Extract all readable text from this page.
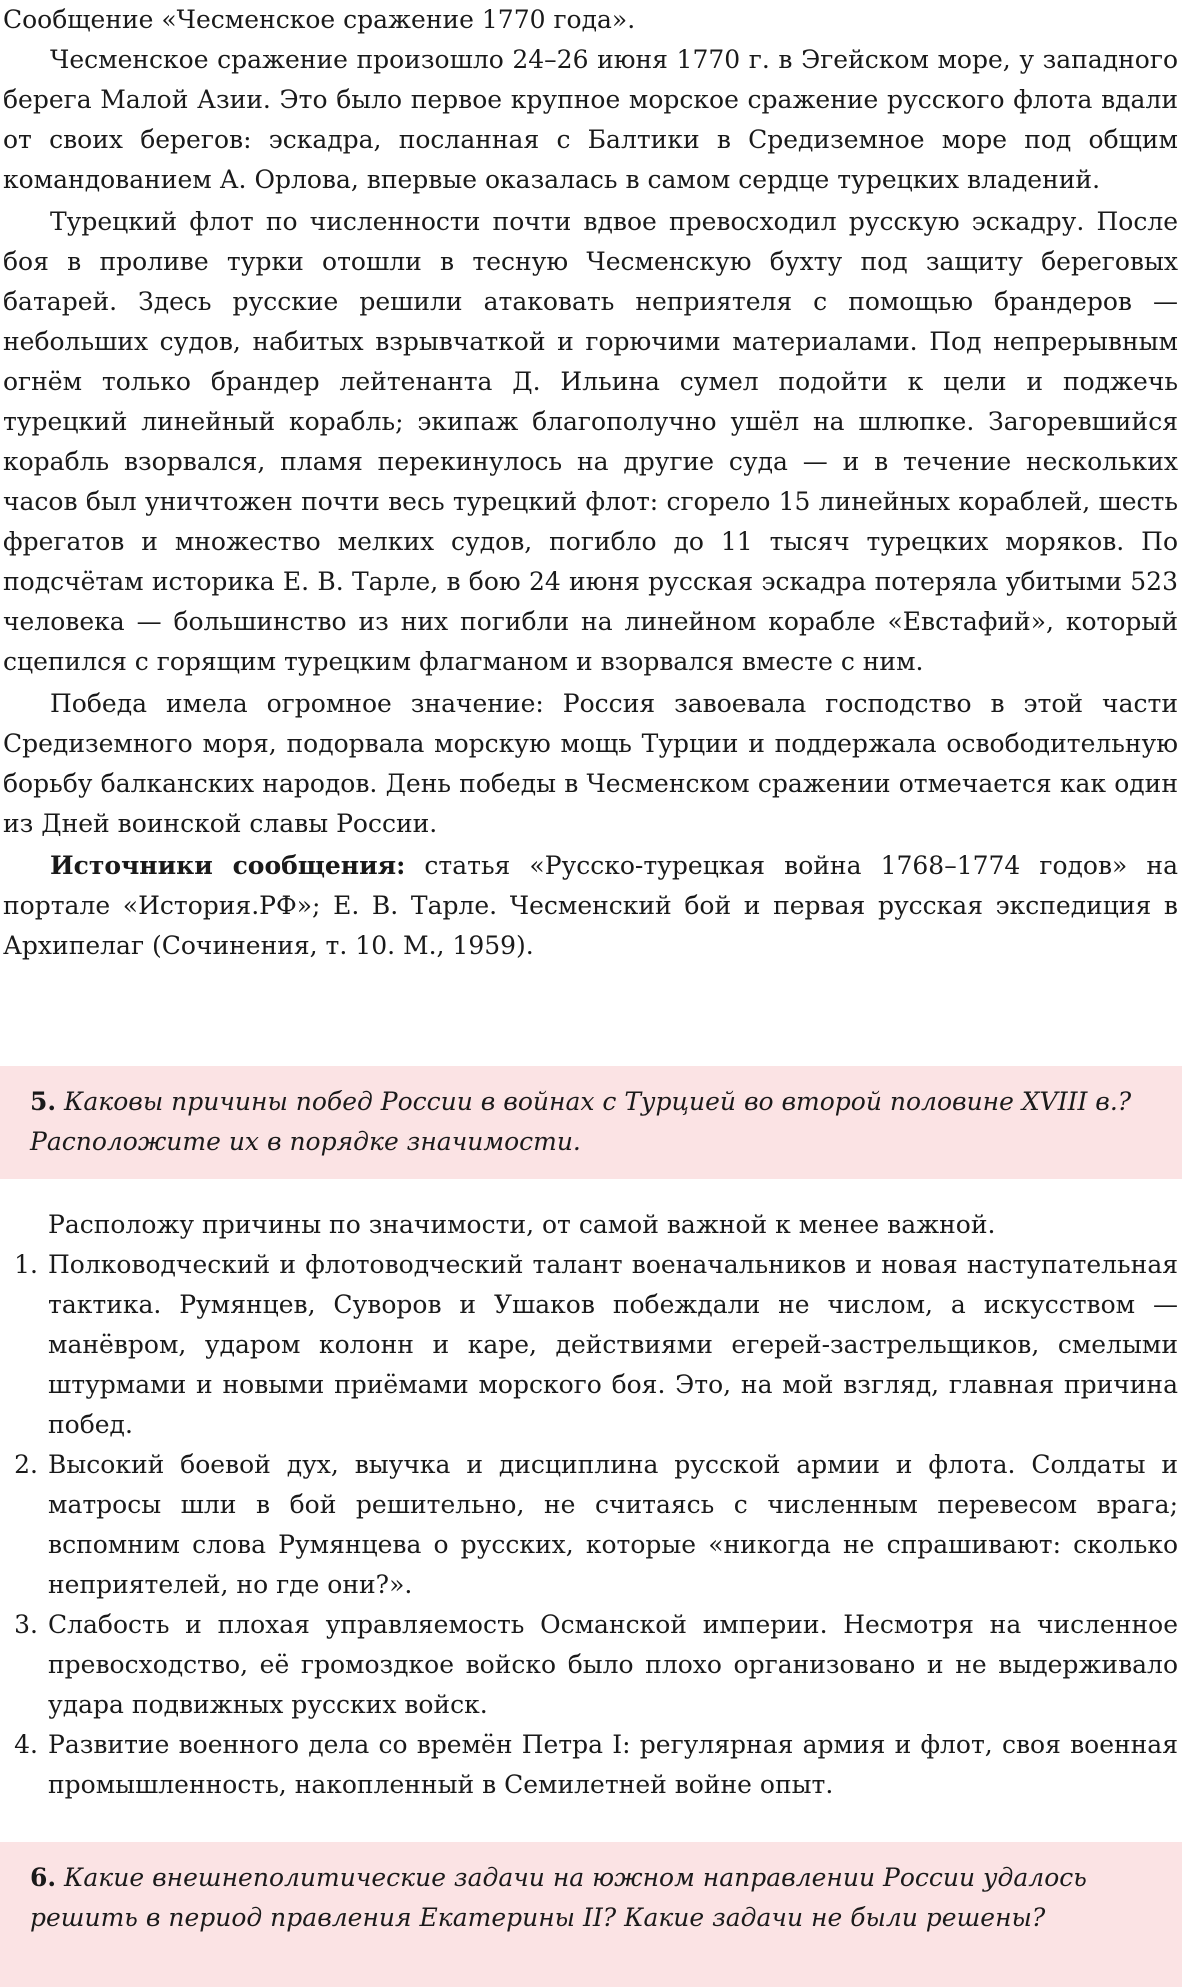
Сообщение «Чесменское сражение 1770 года».

Чесменское сражение произошло 24–26 июня 1770 г. в Эгейском море, у западного берега Малой Азии. Это было первое крупное морское сражение русского флота вдали от своих берегов: эскадра, посланная с Балтики в Средиземное море под общим командованием А. Орлова, впервые оказалась в самом сердце турецких владений.

Турецкий флот по численности почти вдвое превосходил русскую эскадру. После боя в проливе турки отошли в тесную Чесменскую бухту под защиту береговых батарей. Здесь русские решили атаковать неприятеля с помощью брандеров — небольших судов, набитых взрывчаткой и горючими материалами. Под непрерывным огнём только брандер лейтенанта Д. Ильина сумел подойти к цели и поджечь турецкий линейный корабль; экипаж благополучно ушёл на шлюпке. Загоревшийся корабль взорвался, пламя перекинулось на другие суда — и в течение нескольких часов был уничтожен почти весь турецкий флот: сгорело 15 линейных кораблей, шесть фрегатов и множество мелких судов, погибло до 11 тысяч турецких моряков. По подсчётам историка Е. В. Тарле, в бою 24 июня русская эскадра потеряла убитыми 523 человека — большинство из них погибли на линейном корабле «Евстафий», который сцепился с горящим турецким флагманом и взорвался вместе с ним.

Победа имела огромное значение: Россия завоевала господство в этой части Средиземного моря, подорвала морскую мощь Турции и поддержала освободительную борьбу балканских народов. День победы в Чесменском сражении отмечается как один из Дней воинской славы России.

Источники сообщения: статья «Русско-турецкая война 1768–1774 годов» на портале «История.РФ»; Е. В. Тарле. Чесменский бой и первая русская экспедиция в Архипелаг (Сочинения, т. 10. М., 1959).

5. Каковы причины побед России в войнах с Турцией во второй половине XVIII в.? Расположите их в порядке значимости.

Расположу причины по значимости, от самой важной к менее важной.

1. Полководческий и флотоводческий талант военачальников и новая наступательная тактика. Румянцев, Суворов и Ушаков побеждали не числом, а искусством — манёвром, ударом колонн и каре, действиями егерей-застрельщиков, смелыми штурмами и новыми приёмами морского боя. Это, на мой взгляд, главная причина побед.
2. Высокий боевой дух, выучка и дисциплина русской армии и флота. Солдаты и матросы шли в бой решительно, не считаясь с численным перевесом врага; вспомним слова Румянцева о русских, которые «никогда не спрашивают: сколько неприятелей, но где они?».
3. Слабость и плохая управляемость Османской империи. Несмотря на численное превосходство, её громоздкое войско было плохо организовано и не выдерживало удара подвижных русских войск.
4. Развитие военного дела со времён Петра I: регулярная армия и флот, своя военная промышленность, накопленный в Семилетней войне опыт.
6. Какие внешнеполитические задачи на южном направлении России удалось решить в период правления Екатерины II? Какие задачи не были решены?
